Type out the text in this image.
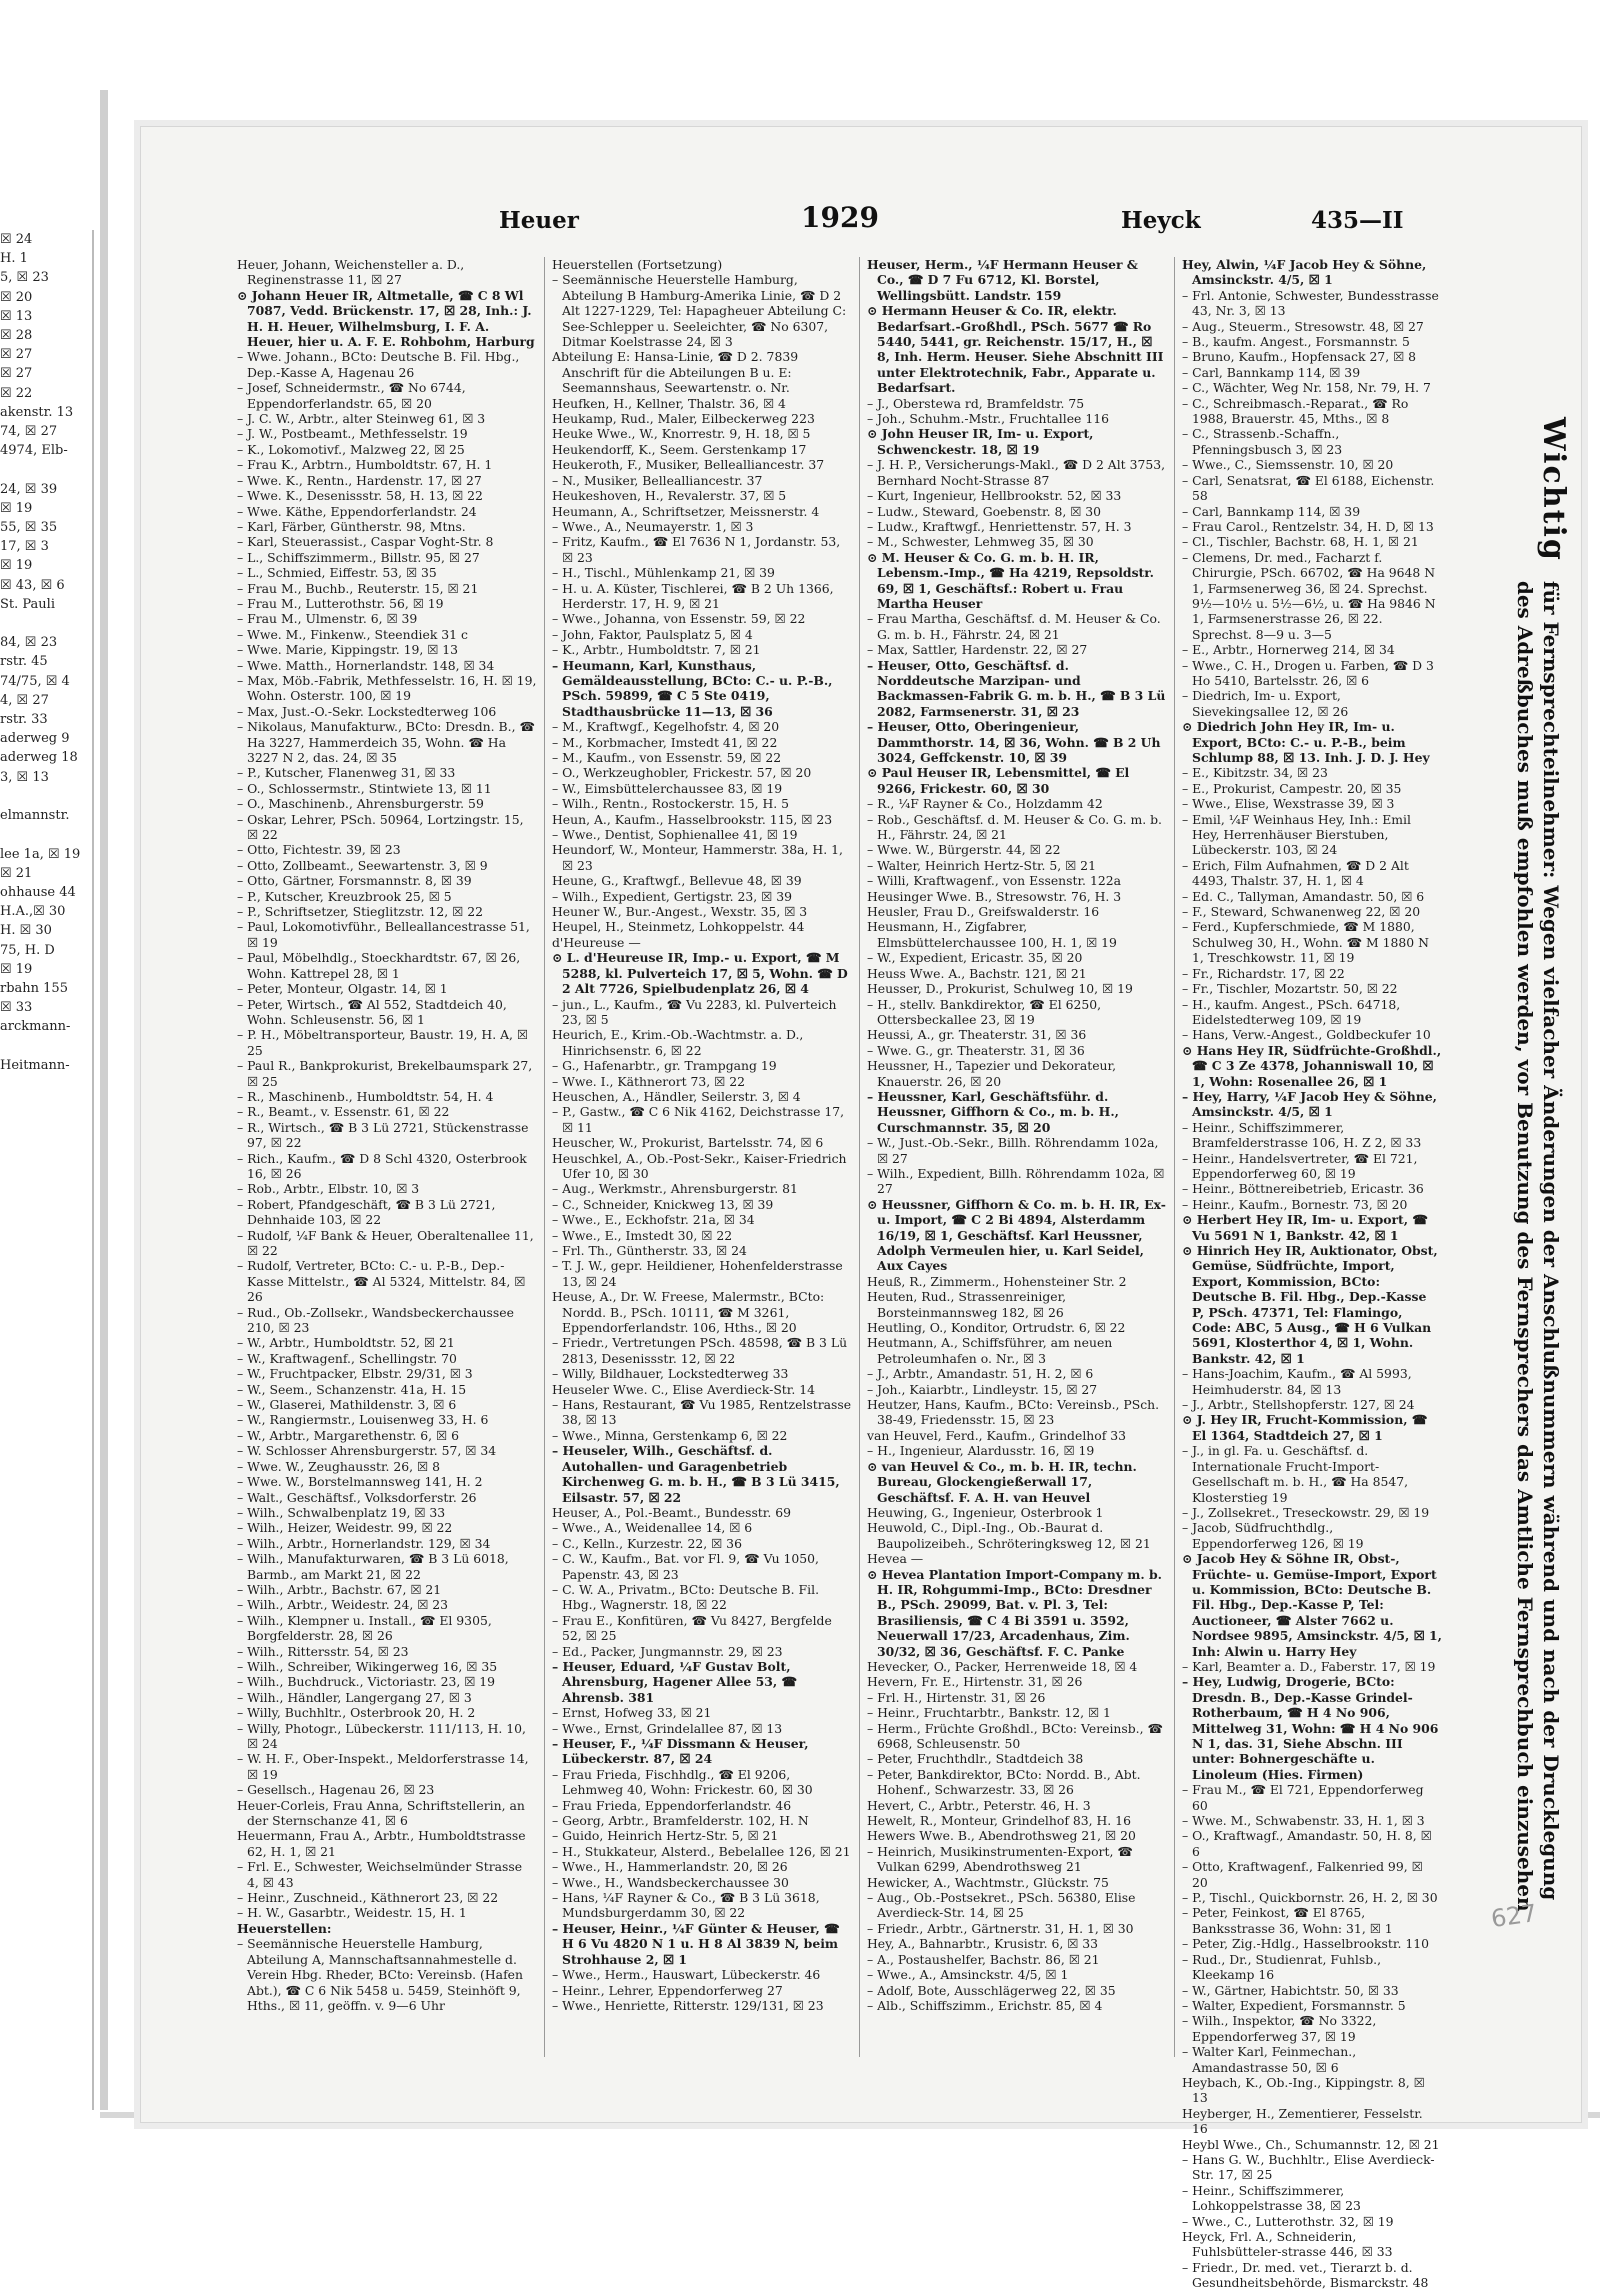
☒ 24
H. 1
5, ☒ 23
☒ 20
☒ 13
☒ 28
☒ 27
☒ 27
☒ 22
akenstr. 13
74, ☒ 27
4974, Elb-

24, ☒ 39
☒ 19
55, ☒ 35
17, ☒ 3
☒ 19
☒ 43, ☒ 6
St. Pauli

84, ☒ 23
rstr. 45
74/75, ☒ 4
4, ☒ 27
rstr. 33
aderweg 9
aderweg 18
3, ☒ 13

elmannstr.

lee 1a, ☒ 19
☒ 21
ohhause 44
H.A.,☒ 30
H. ☒ 30
75, H. D
☒ 19
rbahn 155
☒ 33
arckmann-

Heitmann-
Heuer	1929	Heyck	435—II
Heuer, Johann, Weichensteller a. D., Reginenstrasse 11, ☒ 27
⊙ Johann Heuer IR, Altmetalle, ☎ C 8 Wl 7087, Vedd. Brückenstr. 17, ☒ 28, Inh.: J. H. H. Heuer, Wilhelmsburg, I. F. A. Heuer, hier u. A. F. E. Rohbohm, Harburg
– Wwe. Johann., BCto: Deutsche B. Fil. Hbg., Dep.-Kasse A, Hagenau 26
– Josef, Schneidermstr., ☎ No 6744, Eppendorferlandstr. 65, ☒ 20
– J. C. W., Arbtr., alter Steinweg 61, ☒ 3
– J. W., Postbeamt., Methfesselstr. 19
– K., Lokomotivf., Malzweg 22, ☒ 25
– Frau K., Arbtrn., Humboldtstr. 67, H. 1
– Wwe. K., Rentn., Hardenstr. 17, ☒ 27
– Wwe. K., Desenissstr. 58, H. 13, ☒ 22
– Wwe. Käthe, Eppendorferlandstr. 24
– Karl, Färber, Güntherstr. 98, Mtns.
– Karl, Steuerassist., Caspar Voght-Str. 8
– L., Schiffszimmerm., Billstr. 95, ☒ 27
– L., Schmied, Eiffestr. 53, ☒ 35
– Frau M., Buchb., Reuterstr. 15, ☒ 21
– Frau M., Lutterothstr. 56, ☒ 19
– Frau M., Ulmenstr. 6, ☒ 39
– Wwe. M., Finkenw., Steendiek 31 c
– Wwe. Marie, Kippingstr. 19, ☒ 13
– Wwe. Matth., Hornerlandstr. 148, ☒ 34
– Max, Möb.-Fabrik, Methfesselstr. 16, H. ☒ 19, Wohn. Osterstr. 100, ☒ 19
– Max, Just.-O.-Sekr. Lockstedterweg 106
– Nikolaus, Manufakturw., BCto: Dresdn. B., ☎ Ha 3227, Hammerdeich 35, Wohn. ☎ Ha 3227 N 2, das. 24, ☒ 35
– P., Kutscher, Flanenweg 31, ☒ 33
– O., Schlossermstr., Stintwiete 13, ☒ 11
– O., Maschinenb., Ahrensburgerstr. 59
– Oskar, Lehrer, PSch. 50964, Lortzingstr. 15, ☒ 22
– Otto, Fichtestr. 39, ☒ 23
– Otto, Zollbeamt., Seewartenstr. 3, ☒ 9
– Otto, Gärtner, Forsmannstr. 8, ☒ 39
– P., Kutscher, Kreuzbrook 25, ☒ 5
– P., Schriftsetzer, Stieglitzstr. 12, ☒ 22
– Paul, Lokomotivführ., Belleallancestrasse 51, ☒ 19
– Paul, Möbelhdlg., Stoeckhardtstr. 67, ☒ 26, Wohn. Kattrepel 28, ☒ 1
– Peter, Monteur, Olgastr. 14, ☒ 1
– Peter, Wirtsch., ☎ Al 552, Stadtdeich 40, Wohn. Schleusenstr. 56, ☒ 1
– P. H., Möbeltransporteur, Baustr. 19, H. A, ☒ 25
– Paul R., Bankprokurist, Brekelbaumspark 27, ☒ 25
– R., Maschinenb., Humboldtstr. 54, H. 4
– R., Beamt., v. Essenstr. 61, ☒ 22
– R., Wirtsch., ☎ B 3 Lü 2721, Stückenstrasse 97, ☒ 22
– Rich., Kaufm., ☎ D 8 Schl 4320, Osterbrook 16, ☒ 26
– Rob., Arbtr., Elbstr. 10, ☒ 3
– Robert, Pfandgeschäft, ☎ B 3 Lü 2721, Dehnhaide 103, ☒ 22
– Rudolf, ¼F Bank & Heuer, Oberaltenallee 11, ☒ 22
– Rudolf, Vertreter, BCto: C.- u. P.-B., Dep.-Kasse Mittelstr., ☎ Al 5324, Mittelstr. 84, ☒ 26
– Rud., Ob.-Zollsekr., Wandsbeckerchaussee 210, ☒ 23
– W., Arbtr., Humboldtstr. 52, ☒ 21
– W., Kraftwagenf., Schellingstr. 70
– W., Fruchtpacker, Elbstr. 29/31, ☒ 3
– W., Seem., Schanzenstr. 41a, H. 15
– W., Glaserei, Mathildenstr. 3, ☒ 6
– W., Rangiermstr., Louisenweg 33, H. 6
– W., Arbtr., Margarethenstr. 6, ☒ 6
– W. Schlosser Ahrensburgerstr. 57, ☒ 34
– Wwe. W., Zeughausstr. 26, ☒ 8
– Wwe. W., Borstelmannsweg 141, H. 2
– Walt., Geschäftsf., Volksdorferstr. 26
– Wilh., Schwalbenplatz 19, ☒ 33
– Wilh., Heizer, Weidestr. 99, ☒ 22
– Wilh., Arbtr., Hornerlandstr. 129, ☒ 34
– Wilh., Manufakturwaren, ☎ B 3 Lü 6018, Barmb., am Markt 21, ☒ 22
– Wilh., Arbtr., Bachstr. 67, ☒ 21
– Wilh., Arbtr., Weidestr. 24, ☒ 23
– Wilh., Klempner u. Install., ☎ El 9305, Borgfelderstr. 28, ☒ 26
– Wilh., Rittersstr. 54, ☒ 23
– Wilh., Schreiber, Wikingerweg 16, ☒ 35
– Wilh., Buchdruck., Victoriastr. 23, ☒ 19
– Wilh., Händler, Langergang 27, ☒ 3
– Willy, Buchhltr., Osterbrook 20, H. 2
– Willy, Photogr., Lübeckerstr. 111/113, H. 10, ☒ 24
– W. H. F., Ober-Inspekt., Meldorferstrasse 14, ☒ 19
– Gesellsch., Hagenau 26, ☒ 23
Heuer-Corleis, Frau Anna, Schriftstellerin, an der Sternschanze 41, ☒ 6
Heuermann, Frau A., Arbtr., Humboldtstrasse 62, H. 1, ☒ 21
– Frl. E., Schwester, Weichselmünder Strasse 4, ☒ 43
– Heinr., Zuschneid., Käthnerort 23, ☒ 22
– H. W., Gasarbtr., Weidestr. 15, H. 1
Heuerstellen:
– Seemännische Heuerstelle Hamburg, Abteilung A, Mannschaftsannahmestelle d. Verein Hbg. Rheder, BCto: Vereinsb. (Hafen Abt.), ☎ C 6 Nik 5458 u. 5459, Steinhöft 9, Hths., ☒ 11, geöffn. v. 9—6 Uhr
Heuerstellen (Fortsetzung)
– Seemännische Heuerstelle Hamburg, Abteilung B Hamburg-Amerika Linie, ☎ D 2 Alt 1227-1229, Tel: Hapagheuer Abteilung C: See-Schlepper u. Seeleichter, ☎ No 6307, Ditmar Koelstrasse 24, ☒ 3
Abteilung E: Hansa-Linie, ☎ D 2. 7839 Anschrift für die Abteilungen B u. E: Seemannshaus, Seewartenstr. o. Nr.
Heufken, H., Kellner, Thalstr. 36, ☒ 4
Heukamp, Rud., Maler, Eilbeckerweg 223
Heuke Wwe., W., Knorrestr. 9, H. 18, ☒ 5
Heukendorff, K., Seem. Gerstenkamp 17
Heukeroth, F., Musiker, Bellealliancestr. 37
– N., Musiker, Bellealliancestr. 37
Heukeshoven, H., Revalerstr. 37, ☒ 5
Heumann, A., Schriftsetzer, Meissnerstr. 4
– Wwe., A., Neumayerstr. 1, ☒ 3
– Fritz, Kaufm., ☎ El 7636 N 1, Jordanstr. 53, ☒ 23
– H., Tischl., Mühlenkamp 21, ☒ 39
– H. u. A. Küster, Tischlerei, ☎ B 2 Uh 1366, Herderstr. 17, H. 9, ☒ 21
– Wwe., Johanna, von Essenstr. 59, ☒ 22
– John, Faktor, Paulsplatz 5, ☒ 4
– K., Arbtr., Humboldtstr. 7, ☒ 21
– Heumann, Karl, Kunsthaus, Gemäldeausstellung, BCto: C.- u. P.-B., PSch. 59899, ☎ C 5 Ste 0419, Stadthausbrücke 11—13, ☒ 36
– M., Kraftwgf., Kegelhofstr. 4, ☒ 20
– M., Korbmacher, Imstedt 41, ☒ 22
– M., Kaufm., von Essenstr. 59, ☒ 22
– O., Werkzeughobler, Frickestr. 57, ☒ 20
– W., Eimsbüttelerchaussee 83, ☒ 19
– Wilh., Rentn., Rostockerstr. 15, H. 5
Heun, A., Kaufm., Hasselbrookstr. 115, ☒ 23
– Wwe., Dentist, Sophienallee 41, ☒ 19
Heundorf, W., Monteur, Hammerstr. 38a, H. 1, ☒ 23
Heune, G., Kraftwgf., Bellevue 48, ☒ 39
– Wilh., Expedient, Gertigstr. 23, ☒ 39
Heuner W., Bur.-Angest., Wexstr. 35, ☒ 3
Heupel, H., Steinmetz, Lohkoppelstr. 44
d'Heureuse —
⊙ L. d'Heureuse IR, Imp.- u. Export, ☎ M 5288, kl. Pulverteich 17, ☒ 5, Wohn. ☎ D 2 Alt 7726, Spielbudenplatz 26, ☒ 4
– jun., L., Kaufm., ☎ Vu 2283, kl. Pulverteich 23, ☒ 5
Heurich, E., Krim.-Ob.-Wachtmstr. a. D., Hinrichsenstr. 6, ☒ 22
– G., Hafenarbtr., gr. Trampgang 19
– Wwe. I., Käthnerort 73, ☒ 22
Heuschen, A., Händler, Seilerstr. 3, ☒ 4
– P., Gastw., ☎ C 6 Nik 4162, Deichstrasse 17, ☒ 11
Heuscher, W., Prokurist, Bartelsstr. 74, ☒ 6
Heuschkel, A., Ob.-Post-Sekr., Kaiser-Friedrich Ufer 10, ☒ 30
– Aug., Werkmstr., Ahrensburgerstr. 81
– C., Schneider, Knickweg 13, ☒ 39
– Wwe., E., Eckhofstr. 21a, ☒ 34
– Wwe., E., Imstedt 30, ☒ 22
– Frl. Th., Güntherstr. 33, ☒ 24
– T. J. W., gepr. Heildiener, Hohenfelderstrasse 13, ☒ 24
Heuse, A., Dr. W. Freese, Malermstr., BCto: Nordd. B., PSch. 10111, ☎ M 3261, Eppendorferlandstr. 106, Hths., ☒ 20
– Friedr., Vertretungen PSch. 48598, ☎ B 3 Lü 2813, Desenissstr. 12, ☒ 22
– Willy, Bildhauer, Lockstedterweg 33
Heuseler Wwe. C., Elise Averdieck-Str. 14
– Hans, Restaurant, ☎ Vu 1985, Rentzelstrasse 38, ☒ 13
– Wwe., Minna, Gerstenkamp 6, ☒ 22
– Heuseler, Wilh., Geschäftsf. d. Autohallen- und Garagenbetrieb Kirchenweg G. m. b. H., ☎ B 3 Lü 3415, Eilsastr. 57, ☒ 22
Heuser, A., Pol.-Beamt., Bundesstr. 69
– Wwe., A., Weidenallee 14, ☒ 6
– C., Kelln., Kurzestr. 22, ☒ 36
– C. W., Kaufm., Bat. vor Fl. 9, ☎ Vu 1050, Papenstr. 43, ☒ 23
– C. W. A., Privatm., BCto: Deutsche B. Fil. Hbg., Wagnerstr. 18, ☒ 22
– Frau E., Konfitüren, ☎ Vu 8427, Bergfelde 52, ☒ 25
– Ed., Packer, Jungmannstr. 29, ☒ 23
– Heuser, Eduard, ¼F Gustav Bolt, Ahrensburg, Hagener Allee 53, ☎ Ahrensb. 381
– Ernst, Hofweg 33, ☒ 21
– Wwe., Ernst, Grindelallee 87, ☒ 13
– Heuser, F., ¼F Dissmann & Heuser, Lübeckerstr. 87, ☒ 24
– Frau Frieda, Fischhdlg., ☎ El 9206, Lehmweg 40, Wohn: Frickestr. 60, ☒ 30
– Frau Frieda, Eppendorferlandstr. 46
– Georg, Arbtr., Bramfelderstr. 102, H. N
– Guido, Heinrich Hertz-Str. 5, ☒ 21
– H., Stukkateur, Alsterd., Bebelallee 126, ☒ 21
– Wwe., H., Hammerlandstr. 20, ☒ 26
– Wwe., H., Wandsbeckerchaussee 30
– Hans, ¼F Rayner & Co., ☎ B 3 Lü 3618, Mundsburgerdamm 30, ☒ 22
– Heuser, Heinr., ¼F Günter & Heuser, ☎ H 6 Vu 4820 N 1 u. H 8 Al 3839 N, beim Strohhause 2, ☒ 1
– Wwe., Herm., Hauswart, Lübeckerstr. 46
– Heinr., Lehrer, Eppendorferweg 27
– Wwe., Henriette, Ritterstr. 129/131, ☒ 23
Heuser, Herm., ¼F Hermann Heuser & Co., ☎ D 7 Fu 6712, Kl. Borstel, Wellingsbütt. Landstr. 159
⊙ Hermann Heuser & Co. IR, elektr. Bedarfsart.-Großhdl., PSch. 5677 ☎ Ro 5440, 5441, gr. Reichenstr. 15/17, H., ☒ 8, Inh. Herm. Heuser. Siehe Abschnitt III unter Elektrotechnik, Fabr., Apparate u. Bedarfsart.
– J., Oberstewa rd, Bramfeldstr. 75
– Joh., Schuhm.-Mstr., Fruchtallee 116
⊙ John Heuser IR, Im- u. Export, Schwenckestr. 18, ☒ 19
– J. H. P., Versicherungs-Makl., ☎ D 2 Alt 3753, Bernhard Nocht-Strasse 87
– Kurt, Ingenieur, Hellbrookstr. 52, ☒ 33
– Ludw., Steward, Goebenstr. 8, ☒ 30
– Ludw., Kraftwgf., Henriettenstr. 57, H. 3
– M., Schwester, Lehmweg 35, ☒ 30
⊙ M. Heuser & Co. G. m. b. H. IR, Lebensm.-Imp., ☎ Ha 4219, Repsoldstr. 69, ☒ 1, Geschäftsf.: Robert u. Frau Martha Heuser
– Frau Martha, Geschäftsf. d. M. Heuser & Co. G. m. b. H., Fährstr. 24, ☒ 21
– Max, Sattler, Hardenstr. 22, ☒ 27
– Heuser, Otto, Geschäftsf. d. Norddeutsche Marzipan- und Backmassen-Fabrik G. m. b. H., ☎ B 3 Lü 2082, Farmsenerstr. 31, ☒ 23
– Heuser, Otto, Oberingenieur, Dammthorstr. 14, ☒ 36, Wohn. ☎ B 2 Uh 3024, Geffckenstr. 10, ☒ 39
⊙ Paul Heuser IR, Lebensmittel, ☎ El 9266, Frickestr. 60, ☒ 30
– R., ¼F Rayner & Co., Holzdamm 42
– Rob., Geschäftsf. d. M. Heuser & Co. G. m. b. H., Fährstr. 24, ☒ 21
– Wwe. W., Bürgerstr. 44, ☒ 22
– Walter, Heinrich Hertz-Str. 5, ☒ 21
– Willi, Kraftwagenf., von Essenstr. 122a
Heusinger Wwe. B., Stresowstr. 76, H. 3
Heusler, Frau D., Greifswalderstr. 16
Heusmann, H., Zigfabrer, Elmsbüttelerchaussee 100, H. 1, ☒ 19
– W., Expedient, Ericastr. 35, ☒ 20
Heuss Wwe. A., Bachstr. 121, ☒ 21
Heusser, D., Prokurist, Schulweg 10, ☒ 19
– H., stellv. Bankdirektor, ☎ El 6250, Ottersbeckallee 23, ☒ 19
Heussi, A., gr. Theaterstr. 31, ☒ 36
– Wwe. G., gr. Theaterstr. 31, ☒ 36
Heussner, H., Tapezier und Dekorateur, Knauerstr. 26, ☒ 20
– Heussner, Karl, Geschäftsführ. d. Heussner, Giffhorn & Co., m. b. H., Curschmannstr. 35, ☒ 20
– W., Just.-Ob.-Sekr., Billh. Röhrendamm 102a, ☒ 27
– Wilh., Expedient, Billh. Röhrendamm 102a, ☒ 27
⊙ Heussner, Giffhorn & Co. m. b. H. IR, Ex- u. Import, ☎ C 2 Bi 4894, Alsterdamm 16/19, ☒ 1, Geschäftsf. Karl Heussner, Adolph Vermeulen hier, u. Karl Seidel, Aux Cayes
Heuß, R., Zimmerm., Hohensteiner Str. 2
Heuten, Rud., Strassenreiniger, Borsteinmannsweg 182, ☒ 26
Heutling, O., Konditor, Ortrudstr. 6, ☒ 22
Heutmann, A., Schiffsführer, am neuen Petroleumhafen o. Nr., ☒ 3
– J., Arbtr., Amandastr. 51, H. 2, ☒ 6
– Joh., Kaiarbtr., Lindleystr. 15, ☒ 27
Heutzer, Hans, Kaufm., BCto: Vereinsb., PSch. 38-49, Friedensstr. 15, ☒ 23
van Heuvel, Ferd., Kaufm., Grindelhof 33
– H., Ingenieur, Alardusstr. 16, ☒ 19
⊙ van Heuvel & Co., m. b. H. IR, techn. Bureau, Glockengießerwall 17, Geschäftsf. F. A. H. van Heuvel
Heuwing, G., Ingenieur, Osterbrook 1
Heuwold, C., Dipl.-Ing., Ob.-Baurat d. Baupolizeibeh., Schröteringksweg 12, ☒ 21
Hevea —
⊙ Hevea Plantation Import-Company m. b. H. IR, Rohgummi-Imp., BCto: Dresdner B., PSch. 29099, Bat. v. Pl. 3, Tel: Brasiliensis, ☎ C 4 Bi 3591 u. 3592, Neuerwall 17/23, Arcadenhaus, Zim. 30/32, ☒ 36, Geschäftsf. F. C. Panke
Hevecker, O., Packer, Herrenweide 18, ☒ 4
Hevern, Fr. E., Hirtenstr. 31, ☒ 26
– Frl. H., Hirtenstr. 31, ☒ 26
– Heinr., Fruchtarbtr., Bankstr. 12, ☒ 1
– Herm., Früchte Großhdl., BCto: Vereinsb., ☎ 6968, Schleusenstr. 50
– Peter, Fruchthdlr., Stadtdeich 38
– Peter, Bankdirektor, BCto: Nordd. B., Abt. Hohenf., Schwarzestr. 33, ☒ 26
Hevert, C., Arbtr., Peterstr. 46, H. 3
Hewelt, R., Monteur, Grindelhof 83, H. 16
Hewers Wwe. B., Abendrothsweg 21, ☒ 20
– Heinrich, Musikinstrumenten-Export, ☎ Vulkan 6299, Abendrothsweg 21
Hewicker, A., Wachtmstr., Glückstr. 75
– Aug., Ob.-Postsekret., PSch. 56380, Elise Averdieck-Str. 14, ☒ 25
– Friedr., Arbtr., Gärtnerstr. 31, H. 1, ☒ 30
Hey, A., Bahnarbtr., Krusistr. 6, ☒ 33
– A., Postaushelfer, Bachstr. 86, ☒ 21
– Wwe., A., Amsinckstr. 4/5, ☒ 1
– Adolf, Bote, Ausschlägerweg 22, ☒ 35
– Alb., Schiffszimm., Erichstr. 85, ☒ 4
Hey, Alwin, ¼F Jacob Hey & Söhne, Amsinckstr. 4/5, ☒ 1
– Frl. Antonie, Schwester, Bundesstrasse 43, Nr. 3, ☒ 13
– Aug., Steuerm., Stresowstr. 48, ☒ 27
– B., kaufm. Angest., Forsmannstr. 5
– Bruno, Kaufm., Hopfensack 27, ☒ 8
– Carl, Bannkamp 114, ☒ 39
– C., Wächter, Weg Nr. 158, Nr. 79, H. 7
– C., Schreibmasch.-Reparat., ☎ Ro 1988, Brauerstr. 45, Mths., ☒ 8
– C., Strassenb.-Schaffn., Pfenningsbusch 3, ☒ 23
– Wwe., C., Siemssenstr. 10, ☒ 20
– Carl, Senatsrat, ☎ El 6188, Eichenstr. 58
– Carl, Bannkamp 114, ☒ 39
– Frau Carol., Rentzelstr. 34, H. D, ☒ 13
– Cl., Tischler, Bachstr. 68, H. 1, ☒ 21
– Clemens, Dr. med., Facharzt f. Chirurgie, PSch. 66702, ☎ Ha 9648 N 1, Farmsenerweg 36, ☒ 24. Sprechst. 9½—10½ u. 5½—6½, u. ☎ Ha 9846 N 1, Farmsenerstrasse 26, ☒ 22. Sprechst. 8—9 u. 3—5
– E., Arbtr., Hornerweg 214, ☒ 34
– Wwe., C. H., Drogen u. Farben, ☎ D 3 Ho 5410, Bartelsstr. 26, ☒ 6
– Diedrich, Im- u. Export, Sievekingsallee 12, ☒ 26
⊙ Diedrich John Hey IR, Im- u. Export, BCto: C.- u. P.-B., beim Schlump 88, ☒ 13. Inh. J. D. J. Hey
– E., Kibitzstr. 34, ☒ 23
– E., Prokurist, Campestr. 20, ☒ 35
– Wwe., Elise, Wexstrasse 39, ☒ 3
– Emil, ¼F Weinhaus Hey, Inh.: Emil Hey, Herrenhäuser Bierstuben, Lübeckerstr. 103, ☒ 24
– Erich, Film Aufnahmen, ☎ D 2 Alt 4493, Thalstr. 37, H. 1, ☒ 4
– Ed. C., Tallyman, Amandastr. 50, ☒ 6
– F., Steward, Schwanenweg 22, ☒ 20
– Ferd., Kupferschmiede, ☎ M 1880, Schulweg 30, H., Wohn. ☎ M 1880 N 1, Treschkowstr. 11, ☒ 19
– Fr., Richardstr. 17, ☒ 22
– Fr., Tischler, Mozartstr. 50, ☒ 22
– H., kaufm. Angest., PSch. 64718, Eidelstedterweg 109, ☒ 19
– Hans, Verw.-Angest., Goldbeckufer 10
⊙ Hans Hey IR, Südfrüchte-Großhdl., ☎ C 3 Ze 4378, Johanniswall 10, ☒ 1, Wohn: Rosenallee 26, ☒ 1
– Hey, Harry, ¼F Jacob Hey & Söhne, Amsinckstr. 4/5, ☒ 1
– Heinr., Schiffszimmerer, Bramfelderstrasse 106, H. Z 2, ☒ 33
– Heinr., Handelsvertreter, ☎ El 721, Eppendorferweg 60, ☒ 19
– Heinr., Böttnereibetrieb, Ericastr. 36
– Heinr., Kaufm., Bornestr. 73, ☒ 20
⊙ Herbert Hey IR, Im- u. Export, ☎ Vu 5691 N 1, Bankstr. 42, ☒ 1
⊙ Hinrich Hey IR, Auktionator, Obst, Gemüse, Südfrüchte, Import, Export, Kommission, BCto: Deutsche B. Fil. Hbg., Dep.-Kasse P, PSch. 47371, Tel: Flamingo, Code: ABC, 5 Ausg., ☎ H 6 Vulkan 5691, Klosterthor 4, ☒ 1, Wohn. Bankstr. 42, ☒ 1
– Hans-Joachim, Kaufm., ☎ Al 5993, Heimhuderstr. 84, ☒ 13
– J., Arbtr., Stellshopferstr. 127, ☒ 24
⊙ J. Hey IR, Frucht-Kommission, ☎ El 1364, Stadtdeich 27, ☒ 1
– J., in gl. Fa. u. Geschäftsf. d. Internationale Frucht-Import-Gesellschaft m. b. H., ☎ Ha 8547, Klosterstieg 19
– J., Zollsekret., Treseckowstr. 29, ☒ 19
– Jacob, Südfruchthdlg., Eppendorferweg 126, ☒ 19
⊙ Jacob Hey & Söhne IR, Obst-, Früchte- u. Gemüse-Import, Export u. Kommission, BCto: Deutsche B. Fil. Hbg., Dep.-Kasse P, Tel: Auctioneer, ☎ Alster 7662 u. Nordsee 9895, Amsinckstr. 4/5, ☒ 1, Inh: Alwin u. Harry Hey
– Karl, Beamter a. D., Faberstr. 17, ☒ 19
– Hey, Ludwig, Drogerie, BCto: Dresdn. B., Dep.-Kasse Grindel-Rotherbaum, ☎ H 4 No 906, Mittelweg 31, Wohn: ☎ H 4 No 906 N 1, das. 31, Siehe Abschn. III unter: Bohnergeschäfte u. Linoleum (Hies. Firmen)
– Frau M., ☎ El 721, Eppendorferweg 60
– Wwe. M., Schwabenstr. 33, H. 1, ☒ 3
– O., Kraftwagf., Amandastr. 50, H. 8, ☒ 6
– Otto, Kraftwagenf., Falkenried 99, ☒ 20
– P., Tischl., Quickbornstr. 26, H. 2, ☒ 30
– Peter, Feinkost, ☎ El 8765, Banksstrasse 36, Wohn: 31, ☒ 1
– Peter, Zig.-Hdlg., Hasselbrookstr. 110
– Rud., Dr., Studienrat, Fuhlsb., Kleekamp 16
– W., Gärtner, Habichtstr. 50, ☒ 33
– Walter, Expedient, Forsmannstr. 5
– Wilh., Inspektor, ☎ No 3322, Eppendorferweg 37, ☒ 19
– Walter Karl, Feinmechan., Amandastrasse 50, ☒ 6
Heybach, K., Ob.-Ing., Kippingstr. 8, ☒ 13
Heyberger, H., Zementierer, Fesselstr. 16
Heybl Wwe., Ch., Schumannstr. 12, ☒ 21
– Hans G. W., Buchhltr., Elise Averdieck-Str. 17, ☒ 25
– Heinr., Schiffszimmerer, Lohkoppelstrasse 38, ☒ 23
– Wwe., C., Lutterothstr. 32, ☒ 19
Heyck, Frl. A., Schneiderin, Fuhlsbütteler-strasse 446, ☒ 33
– Friedr., Dr. med. vet., Tierarzt b. d. Gesundheitsbehörde, Bismarckstr. 48
Wichtig für Fernsprechteilnehmer: Wegen vielfacher Änderungen der Anschlußnummern während und nach der Drucklegung
des Adreßbuches muß empfohlen werden, vor Benutzung des Fernsprechers das Amtliche Fernsprechbuch einzusehen
627
